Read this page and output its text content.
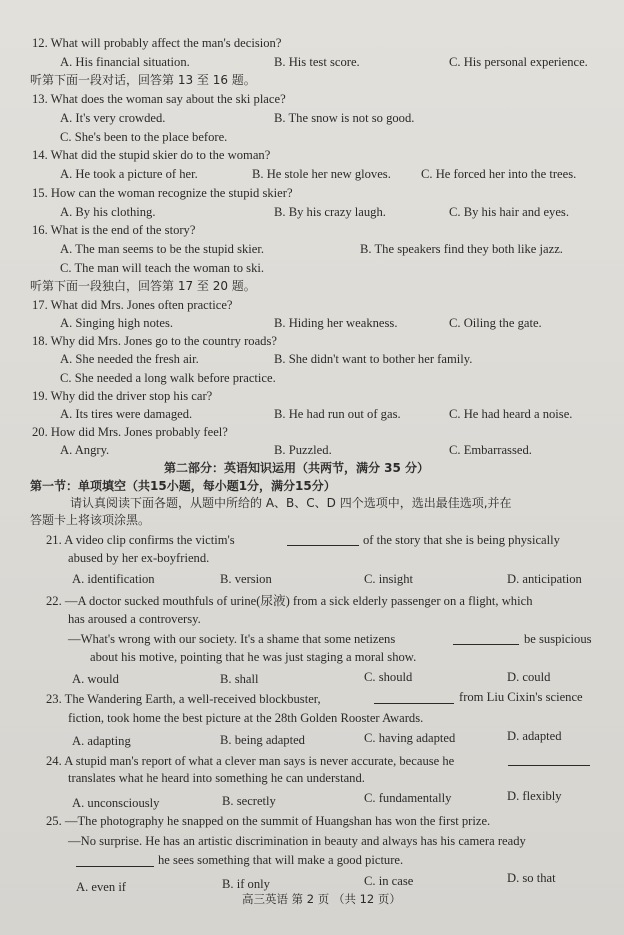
12. What will probably affect the man's decision?
A. His financial situation.	B. His test score.	C. His personal experience.
听第下面一段对话，回答第 13 至 16 题。
13. What does the woman say about the ski place?
A. It's very crowded.	B. The snow is not so good.
C. She's been to the place before.
14. What did the stupid skier do to the woman?
A. He took a picture of her.	B. He stole her new gloves. C. He forced her into the trees.
15. How can the woman recognize the stupid skier?
A. By his clothing.	B. By his crazy laugh.	C. By his hair and eyes.
16. What is the end of the story?
A. The man seems to be the stupid skier.	B. The speakers find they both like jazz.
C. The man will teach the woman to ski.
听第下面一段独白，回答第 17 至 20 题。
17. What did Mrs. Jones often practice?
A. Singing high notes.	B. Hiding her weakness.	C. Oiling the gate.
18. Why did Mrs. Jones go to the country roads?
A. She needed the fresh air.	B. She didn't want to bother her family.
C. She needed a long walk before practice.
19. Why did the driver stop his car?
A. Its tires were damaged.	B. He had run out of gas.	C. He had heard a noise.
20. How did Mrs. Jones probably feel?
A. Angry.	B. Puzzled.	C. Embarrassed.
第二部分：英语知识运用（共两节，满分 35 分）
第一节：单项填空（共15小题，每小题1分，满分15分）
请认真阅读下面各题，从题中所给的 A、B、C、D 四个选项中，选出最佳选项,并在
答题卡上将该项涂黑。
21. A video clip confirms the victim's	of the story that she is being physically
abused by her ex-boyfriend.
A. identification	B. version	C. insight	D. anticipation
22. —A doctor sucked mouthfuls of urine(尿液) from a sick elderly passenger on a flight, which
has aroused a controversy.
—What's wrong with our society. It's a shame that some netizens	be suspicious
about his motive, pointing that he was just staging a moral show.
A. would	B. shall	C. should	D. could
23. The Wandering Earth, a well-received blockbuster,	from Liu Cixin's science
fiction, took home the best picture at the 28th Golden Rooster Awards.
A. adapting	B. being adapted	C. having adapted	D. adapted
24. A stupid man's report of what a clever man says is never accurate, because he
translates what he heard into something he can understand.
A. unconsciously	B. secretly	C. fundamentally	D. flexibly
25. —The photography he snapped on the summit of Huangshan has won the first prize.
—No surprise. He has an artistic discrimination in beauty and always has his camera ready
he sees something that will make a good picture.
A. even if	B. if only	C. in case	D. so that
高三英语 第 2 页 （共 12 页）
